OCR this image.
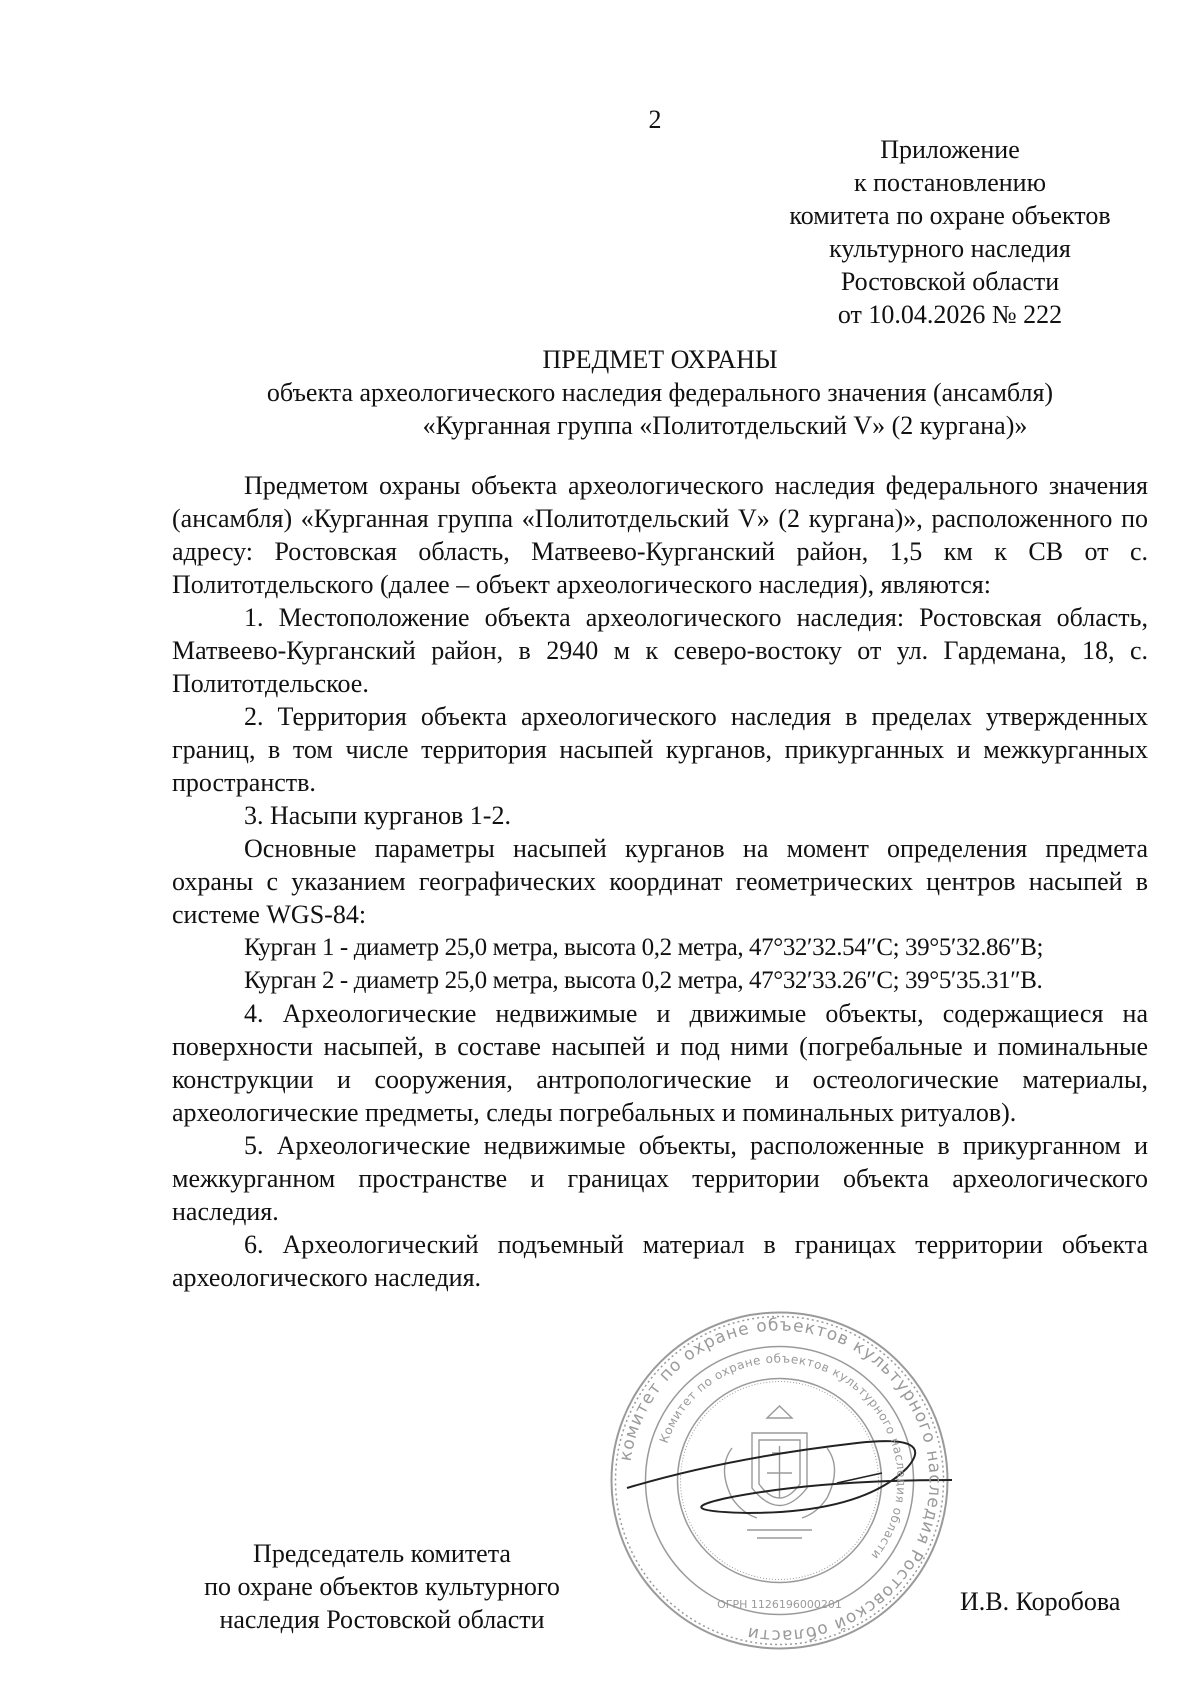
2
Приложение
к постановлению
комитета по охране объектов
культурного наследия
Ростовской области
от 10.04.2026 № 222
ПРЕДМЕТ ОХРАНЫ
объекта археологического наследия федерального значения (ансамбля)
«Курганная группа «Политотдельский V» (2 кургана)»

Предметом охраны объекта археологического наследия федерального значения (ансамбля) «Курганная группа «Политотдельский V» (2 кургана)», расположенного по адресу: Ростовская область, Матвеево-Курганский район, 1,5 км к СВ от с. Политотдельского (далее – объект археологического наследия), являются:

1. Местоположение объекта археологического наследия: Ростовская область, Матвеево-Курганский район, в 2940 м к северо-востоку от ул. Гардемана, 18, с. Политотдельское.

2. Территория объекта археологического наследия в пределах утвержденных границ, в том числе территория насыпей курганов, прикурганных и межкурганных пространств.

3. Насыпи курганов 1-2.

Основные параметры насыпей курганов на момент определения предмета охраны с указанием географических координат геометрических центров насыпей в системе WGS-84:

Курган 1 - диаметр 25,0 метра, высота 0,2 метра, 47°32′32.54″С; 39°5′32.86″В;

Курган 2 - диаметр 25,0 метра, высота 0,2 метра, 47°32′33.26″С; 39°5′35.31″В.

4. Археологические недвижимые и движимые объекты, содержащиеся на поверхности насыпей, в составе насыпей и под ними (погребальные и поминальные конструкции и сооружения, антропологические и остеологические материалы, археологические предметы, следы погребальных и поминальных ритуалов).

5. Археологические недвижимые объекты, расположенные в прикурганном и межкурганном пространстве и границах территории объекта археологического наследия.

6. Археологический подъемный материал в границах территории объекта археологического наследия.

Председатель комитета
по охране объектов культурного
наследия Ростовской области
комитет по охране объектов культурного наследия Ростовской области
Комитет по охране объектов культурного наследия области
ОГРН 1126196000201	И.В. Коробова
